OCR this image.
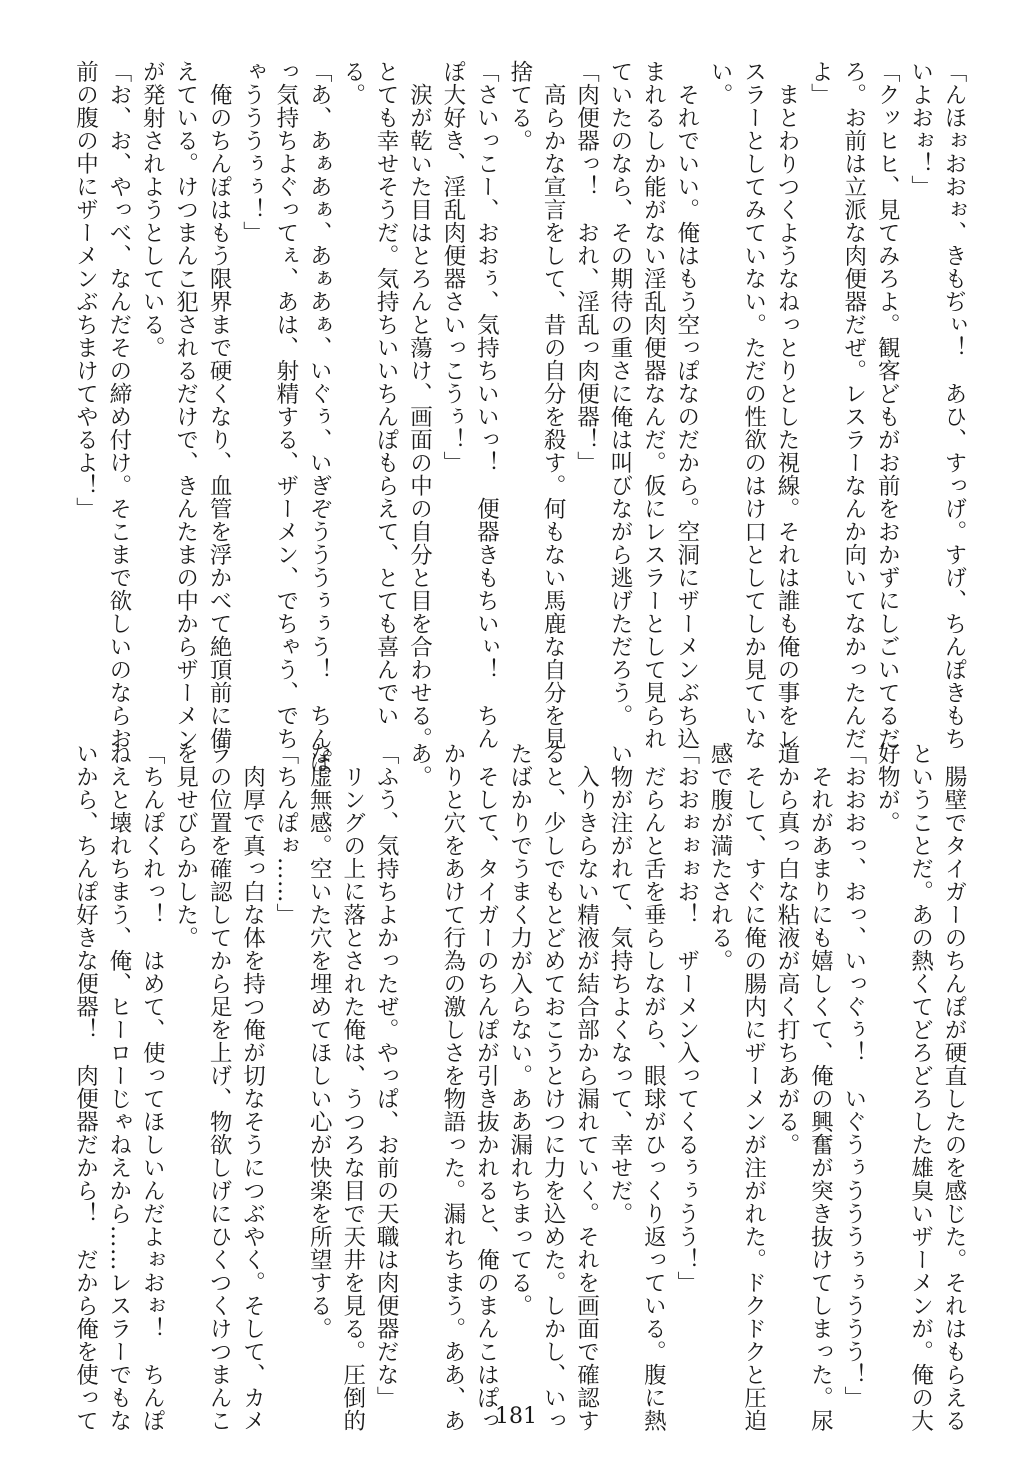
「んほぉおおぉ、きもぢぃ！　あひ、すっげ。すげ、ちんぽきもち
いよおぉ！」
「クッヒヒ、見てみろよ。観客どもがお前をおかずにしごいてるだ
ろ。お前は立派な肉便器だぜ。レスラーなんか向いてなかったんだ
よ」
　まとわりつくようなねっとりとした視線。それは誰も俺の事をレ
スラーとしてみていない。ただの性欲のはけ口としてしか見ていな
い。
　それでいい。俺はもう空っぽなのだから。空洞にザーメンぶち込
まれるしか能がない淫乱肉便器なんだ。仮にレスラーとして見られ
ていたのなら、その期待の重さに俺は叫びながら逃げただろう。
「肉便器っ！　おれ、淫乱っ肉便器！」
　高らかな宣言をして、昔の自分を殺す。何もない馬鹿な自分を見
捨てる。
「さいっこー、おおぅ、気持ちいいっ！　便器きもちいぃ！　ちん
ぽ大好き、淫乱肉便器さいっこうぅ！」
　涙が乾いた目はとろんと蕩け、画面の中の自分と目を合わせる。
とても幸せそうだ。気持ちいいちんぽもらえて、とても喜んでい
る。
「あ、あぁあぁ、あぁあぁ、いぐぅ、いぎぞうううぅぅう！　ちんぽ
っ気持ちよぐってぇ、あは、射精する、ザーメン、でちゃう、でち
ゃうううぅぅ！」
　俺のちんぽはもう限界まで硬くなり、血管を浮かべて絶頂前に備
えている。けつまんこ犯されるだけで、きんたまの中からザーメン
が発射されようとしている。
「お、お、やっべ、なんだその締め付け。そこまで欲しいのならお
前の腹の中にザーメンぶちまけてやるよ！」
　腸壁でタイガーのちんぽが硬直したのを感じた。それはもらえる
ということだ。あの熱くてどろどろした雄臭いザーメンが。俺の大
好物が。
「おおおっ、おっ、いっぐぅ！　いぐうぅうううぅぅううう！」
　それがあまりにも嬉しくて、俺の興奮が突き抜けてしまった。尿
道から真っ白な粘液が高く打ちあがる。
　そして、すぐに俺の腸内にザーメンが注がれた。ドクドクと圧迫
感で腹が満たされる。
「おおぉぉぉお！　ザーメン入ってくるぅぅうう！」
　だらんと舌を垂らしながら、眼球がひっくり返っている。腹に熱
い物が注がれて、気持ちよくなって、幸せだ。
　入りきらない精液が結合部から漏れていく。それを画面で確認す
ると、少しでもとどめておこうとけつに力を込めた。しかし、いっ
たばかりでうまく力が入らない。ああ漏れちまってる。
　そして、タイガーのちんぽが引き抜かれると、俺のまんこはぽっ
かりと穴をあけて行為の激しさを物語った。漏れちまう。ああ、あ
あ。
「ふう、気持ちよかったぜ。やっぱ、お前の天職は肉便器だな」
　リングの上に落とされた俺は、うつろな目で天井を見る。圧倒的
な虚無感。空いた穴を埋めてほしい心が快楽を所望する。
「ちんぽぉ……」
　肉厚で真っ白な体を持つ俺が切なそうにつぶやく。そして、カメ
ラの位置を確認してから足を上げ、物欲しげにひくつくけつまんこ
を見せびらかした。
「ちんぽくれっ！　はめて、使ってほしいんだよぉおぉ！　ちんぽ
ねえと壊れちまう、俺、ヒーローじゃねえから……レスラーでもな
いから、ちんぽ好きな便器！　肉便器だから！　だから俺を使って	181
